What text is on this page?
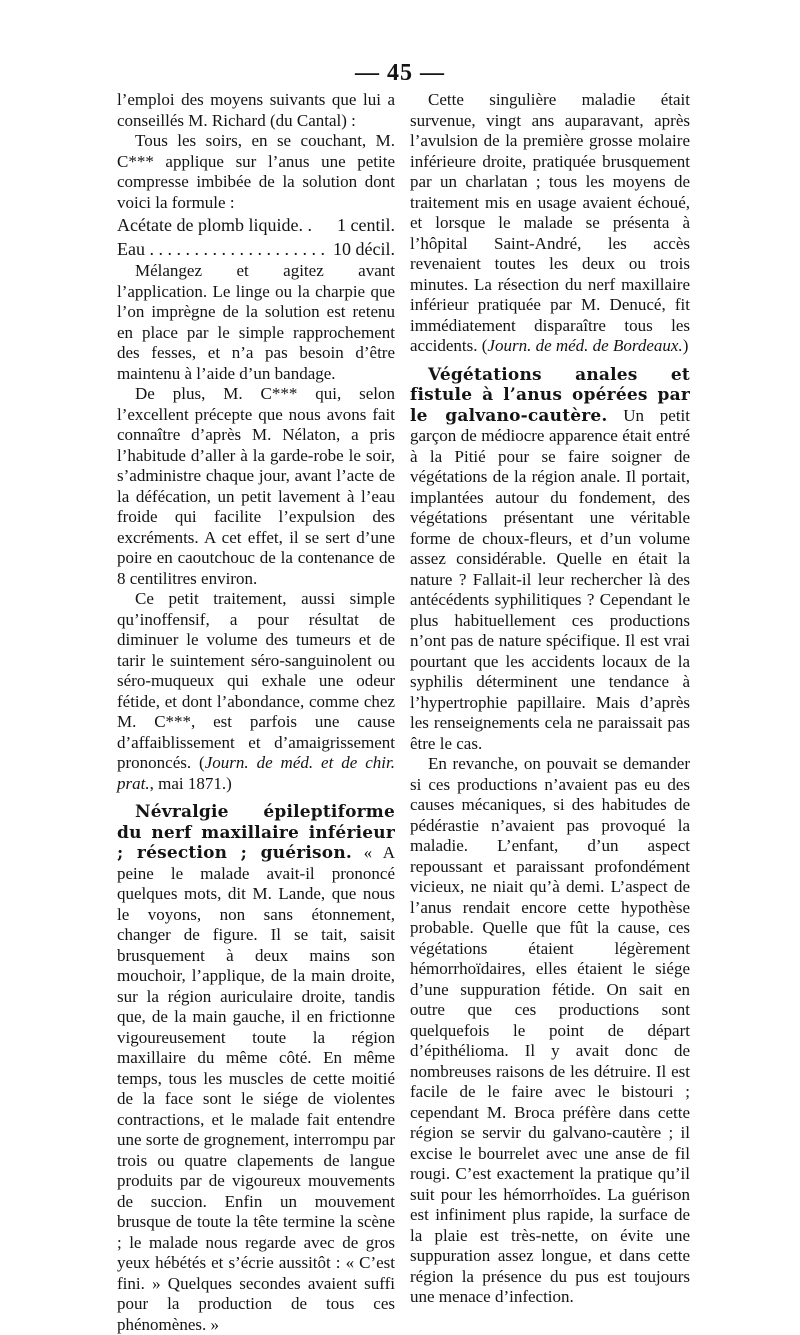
— 45 —

l’emploi des moyens suivants que lui a conseillés M. Richard (du Cantal) :

Tous les soirs, en se couchant, M. C*** applique sur l’anus une petite compresse imbibée de la solution dont voici la formule :

Acétate de plomb liquide. . 1 centil.
Eau . . . . . . . . . . . . . . . . . . . . 10 décil.

Mélangez et agitez avant l’application. Le linge ou la charpie que l’on imprègne de la solution est retenu en place par le simple rapprochement des fesses, et n’a pas besoin d’être maintenu à l’aide d’un bandage.

De plus, M. C*** qui, selon l’excellent précepte que nous avons fait connaître d’après M. Nélaton, a pris l’habitude d’aller à la garde-robe le soir, s’administre chaque jour, avant l’acte de la défécation, un petit lavement à l’eau froide qui facilite l’expulsion des excréments. A cet effet, il se sert d’une poire en caoutchouc de la contenance de 8 centilitres environ.

Ce petit traitement, aussi simple qu’inoffensif, a pour résultat de diminuer le volume des tumeurs et de tarir le suintement séro-sanguinolent ou séro-muqueux qui exhale une odeur fétide, et dont l’abondance, comme chez M. C***, est parfois une cause d’affaiblissement et d’amaigrissement prononcés. (Journ. de méd. et de chir. prat., mai 1871.)

Névralgie épileptiforme du nerf maxillaire inférieur ; résection ; guérison. « A peine le malade avait-il prononcé quelques mots, dit M. Lande, que nous le voyons, non sans étonnement, changer de figure. Il se tait, saisit brusquement à deux mains son mouchoir, l’applique, de la main droite, sur la région auriculaire droite, tandis que, de la main gauche, il en frictionne vigoureusement toute la région maxillaire du même côté. En même temps, tous les muscles de cette moitié de la face sont le siége de violentes contractions, et le malade fait entendre une sorte de grognement, interrompu par trois ou quatre clapements de langue produits par de vigoureux mouvements de succion. Enfin un mouvement brusque de toute la tête termine la scène ; le malade nous regarde avec de gros yeux hébétés et s’écrie aussitôt : « C’est fini. » Quelques secondes avaient suffi pour la production de tous ces phénomènes. »

Cette singulière maladie était survenue, vingt ans auparavant, après l’avulsion de la première grosse molaire inférieure droite, pratiquée brusquement par un charlatan ; tous les moyens de traitement mis en usage avaient échoué, et lorsque le malade se présenta à l’hôpital Saint-André, les accès revenaient toutes les deux ou trois minutes. La résection du nerf maxillaire inférieur pratiquée par M. Denucé, fit immédiatement disparaître tous les accidents. (Journ. de méd. de Bordeaux.)

Végétations anales et fistule à l’anus opérées par le galvano-cautère. Un petit garçon de médiocre apparence était entré à la Pitié pour se faire soigner de végétations de la région anale. Il portait, implantées autour du fondement, des végétations présentant une véritable forme de choux-fleurs, et d’un volume assez considérable. Quelle en était la nature ? Fallait-il leur rechercher là des antécédents syphilitiques ? Cependant le plus habituellement ces productions n’ont pas de nature spécifique. Il est vrai pourtant que les accidents locaux de la syphilis déterminent une tendance à l’hypertrophie papillaire. Mais d’après les renseignements cela ne paraissait pas être le cas.

En revanche, on pouvait se demander si ces productions n’avaient pas eu des causes mécaniques, si des habitudes de pédérastie n’avaient pas provoqué la maladie. L’enfant, d’un aspect repoussant et paraissant profondément vicieux, ne niait qu’à demi. L’aspect de l’anus rendait encore cette hypothèse probable. Quelle que fût la cause, ces végétations étaient légèrement hémorrhoïdaires, elles étaient le siége d’une suppuration fétide. On sait en outre que ces productions sont quelquefois le point de départ d’épithélioma. Il y avait donc de nombreuses raisons de les détruire. Il est facile de le faire avec le bistouri ; cependant M. Broca préfère dans cette région se servir du galvano-cautère ; il excise le bourrelet avec une anse de fil rougi. C’est exactement la pratique qu’il suit pour les hémorrhoïdes. La guérison est infiniment plus rapide, la surface de la plaie est très-nette, on évite une suppuration assez longue, et dans cette région la présence du pus est toujours une menace d’infection.
